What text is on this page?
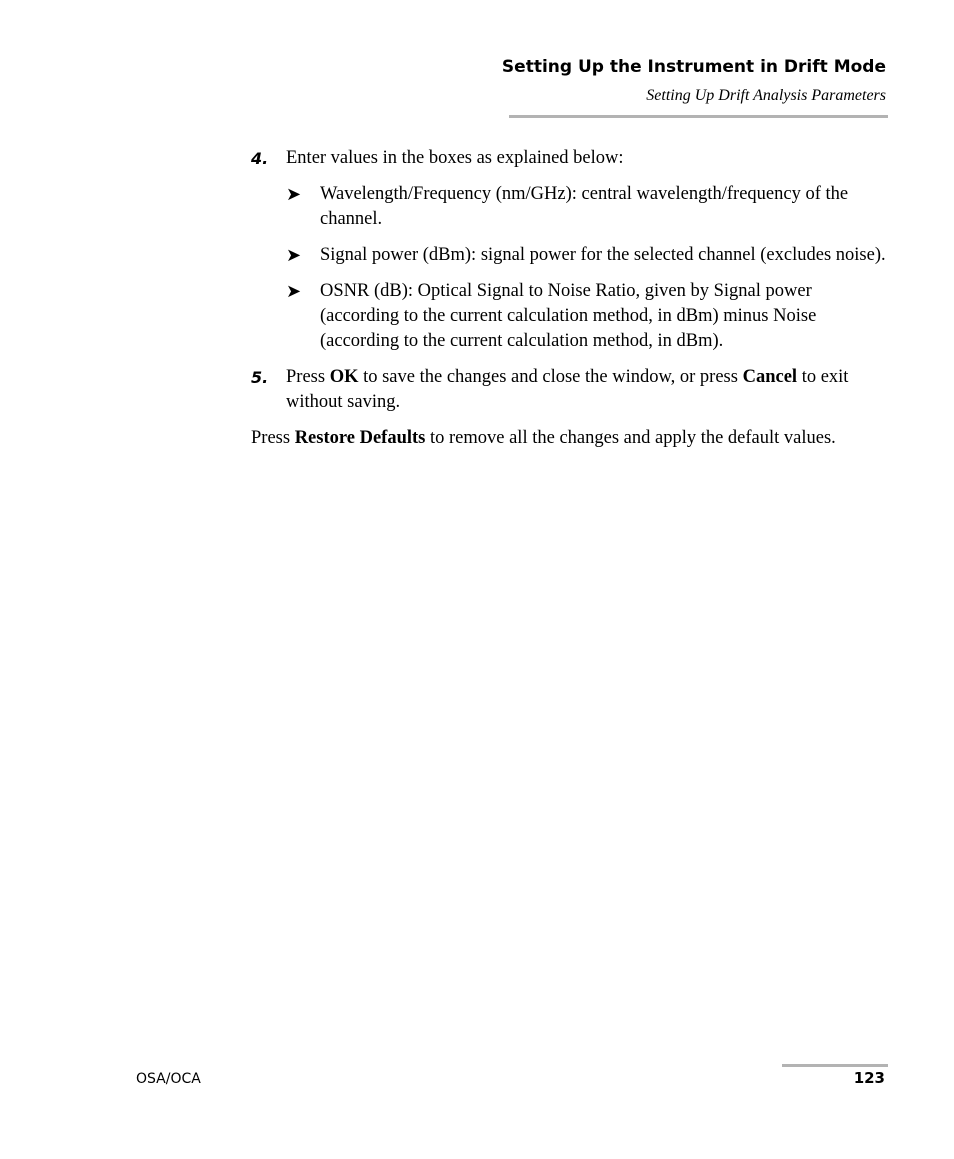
Setting Up the Instrument in Drift Mode
Setting Up Drift Analysis Parameters
4. Enter values in the boxes as explained below:
➤ Wavelength/Frequency (nm/GHz): central wavelength/frequency of the channel.
➤ Signal power (dBm): signal power for the selected channel (excludes noise).
➤ OSNR (dB): Optical Signal to Noise Ratio, given by Signal power (according to the current calculation method, in dBm) minus Noise (according to the current calculation method, in dBm).
5. Press OK to save the changes and close the window, or press Cancel to exit without saving.
Press Restore Defaults to remove all the changes and apply the default values.
OSA/OCA	123
